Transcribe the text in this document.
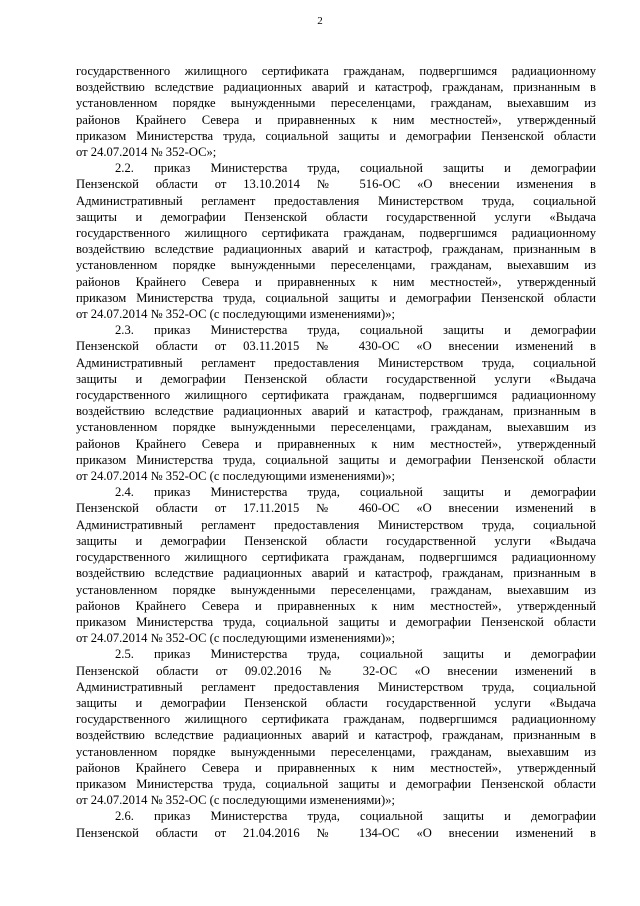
2
государственного жилищного сертификата гражданам, подвергшимся радиационному
воздействию вследствие радиационных аварий и катастроф, гражданам, признанным в
установленном порядке вынужденными переселенцами, гражданам, выехавшим из
районов Крайнего Севера и приравненных к ним местностей», утвержденный
приказом Министерства труда, социальной защиты и демографии Пензенской области
от 24.07.2014 № 352-ОС»;
2.2. приказ Министерства труда, социальной защиты и демографии
Пензенской области от 13.10.2014 № 516-ОС «О внесении изменения в
Административный регламент предоставления Министерством труда, социальной
защиты и демографии Пензенской области государственной услуги «Выдача
государственного жилищного сертификата гражданам, подвергшимся радиационному
воздействию вследствие радиационных аварий и катастроф, гражданам, признанным в
установленном порядке вынужденными переселенцами, гражданам, выехавшим из
районов Крайнего Севера и приравненных к ним местностей», утвержденный
приказом Министерства труда, социальной защиты и демографии Пензенской области
от 24.07.2014 № 352-ОС (с последующими изменениями)»;
2.3. приказ Министерства труда, социальной защиты и демографии
Пензенской области от 03.11.2015 № 430-ОС «О внесении изменений в
Административный регламент предоставления Министерством труда, социальной
защиты и демографии Пензенской области государственной услуги «Выдача
государственного жилищного сертификата гражданам, подвергшимся радиационному
воздействию вследствие радиационных аварий и катастроф, гражданам, признанным в
установленном порядке вынужденными переселенцами, гражданам, выехавшим из
районов Крайнего Севера и приравненных к ним местностей», утвержденный
приказом Министерства труда, социальной защиты и демографии Пензенской области
от 24.07.2014 № 352-ОС (с последующими изменениями)»;
2.4. приказ Министерства труда, социальной защиты и демографии
Пензенской области от 17.11.2015 № 460-ОС «О внесении изменений в
Административный регламент предоставления Министерством труда, социальной
защиты и демографии Пензенской области государственной услуги «Выдача
государственного жилищного сертификата гражданам, подвергшимся радиационному
воздействию вследствие радиационных аварий и катастроф, гражданам, признанным в
установленном порядке вынужденными переселенцами, гражданам, выехавшим из
районов Крайнего Севера и приравненных к ним местностей», утвержденный
приказом Министерства труда, социальной защиты и демографии Пензенской области
от 24.07.2014 № 352-ОС (с последующими изменениями)»;
2.5. приказ Министерства труда, социальной защиты и демографии
Пензенской области от 09.02.2016 № 32-ОС «О внесении изменений в
Административный регламент предоставления Министерством труда, социальной
защиты и демографии Пензенской области государственной услуги «Выдача
государственного жилищного сертификата гражданам, подвергшимся радиационному
воздействию вследствие радиационных аварий и катастроф, гражданам, признанным в
установленном порядке вынужденными переселенцами, гражданам, выехавшим из
районов Крайнего Севера и приравненных к ним местностей», утвержденный
приказом Министерства труда, социальной защиты и демографии Пензенской области
от 24.07.2014 № 352-ОС (с последующими изменениями)»;
2.6. приказ Министерства труда, социальной защиты и демографии
Пензенской области от 21.04.2016 № 134-ОС «О внесении изменений в
